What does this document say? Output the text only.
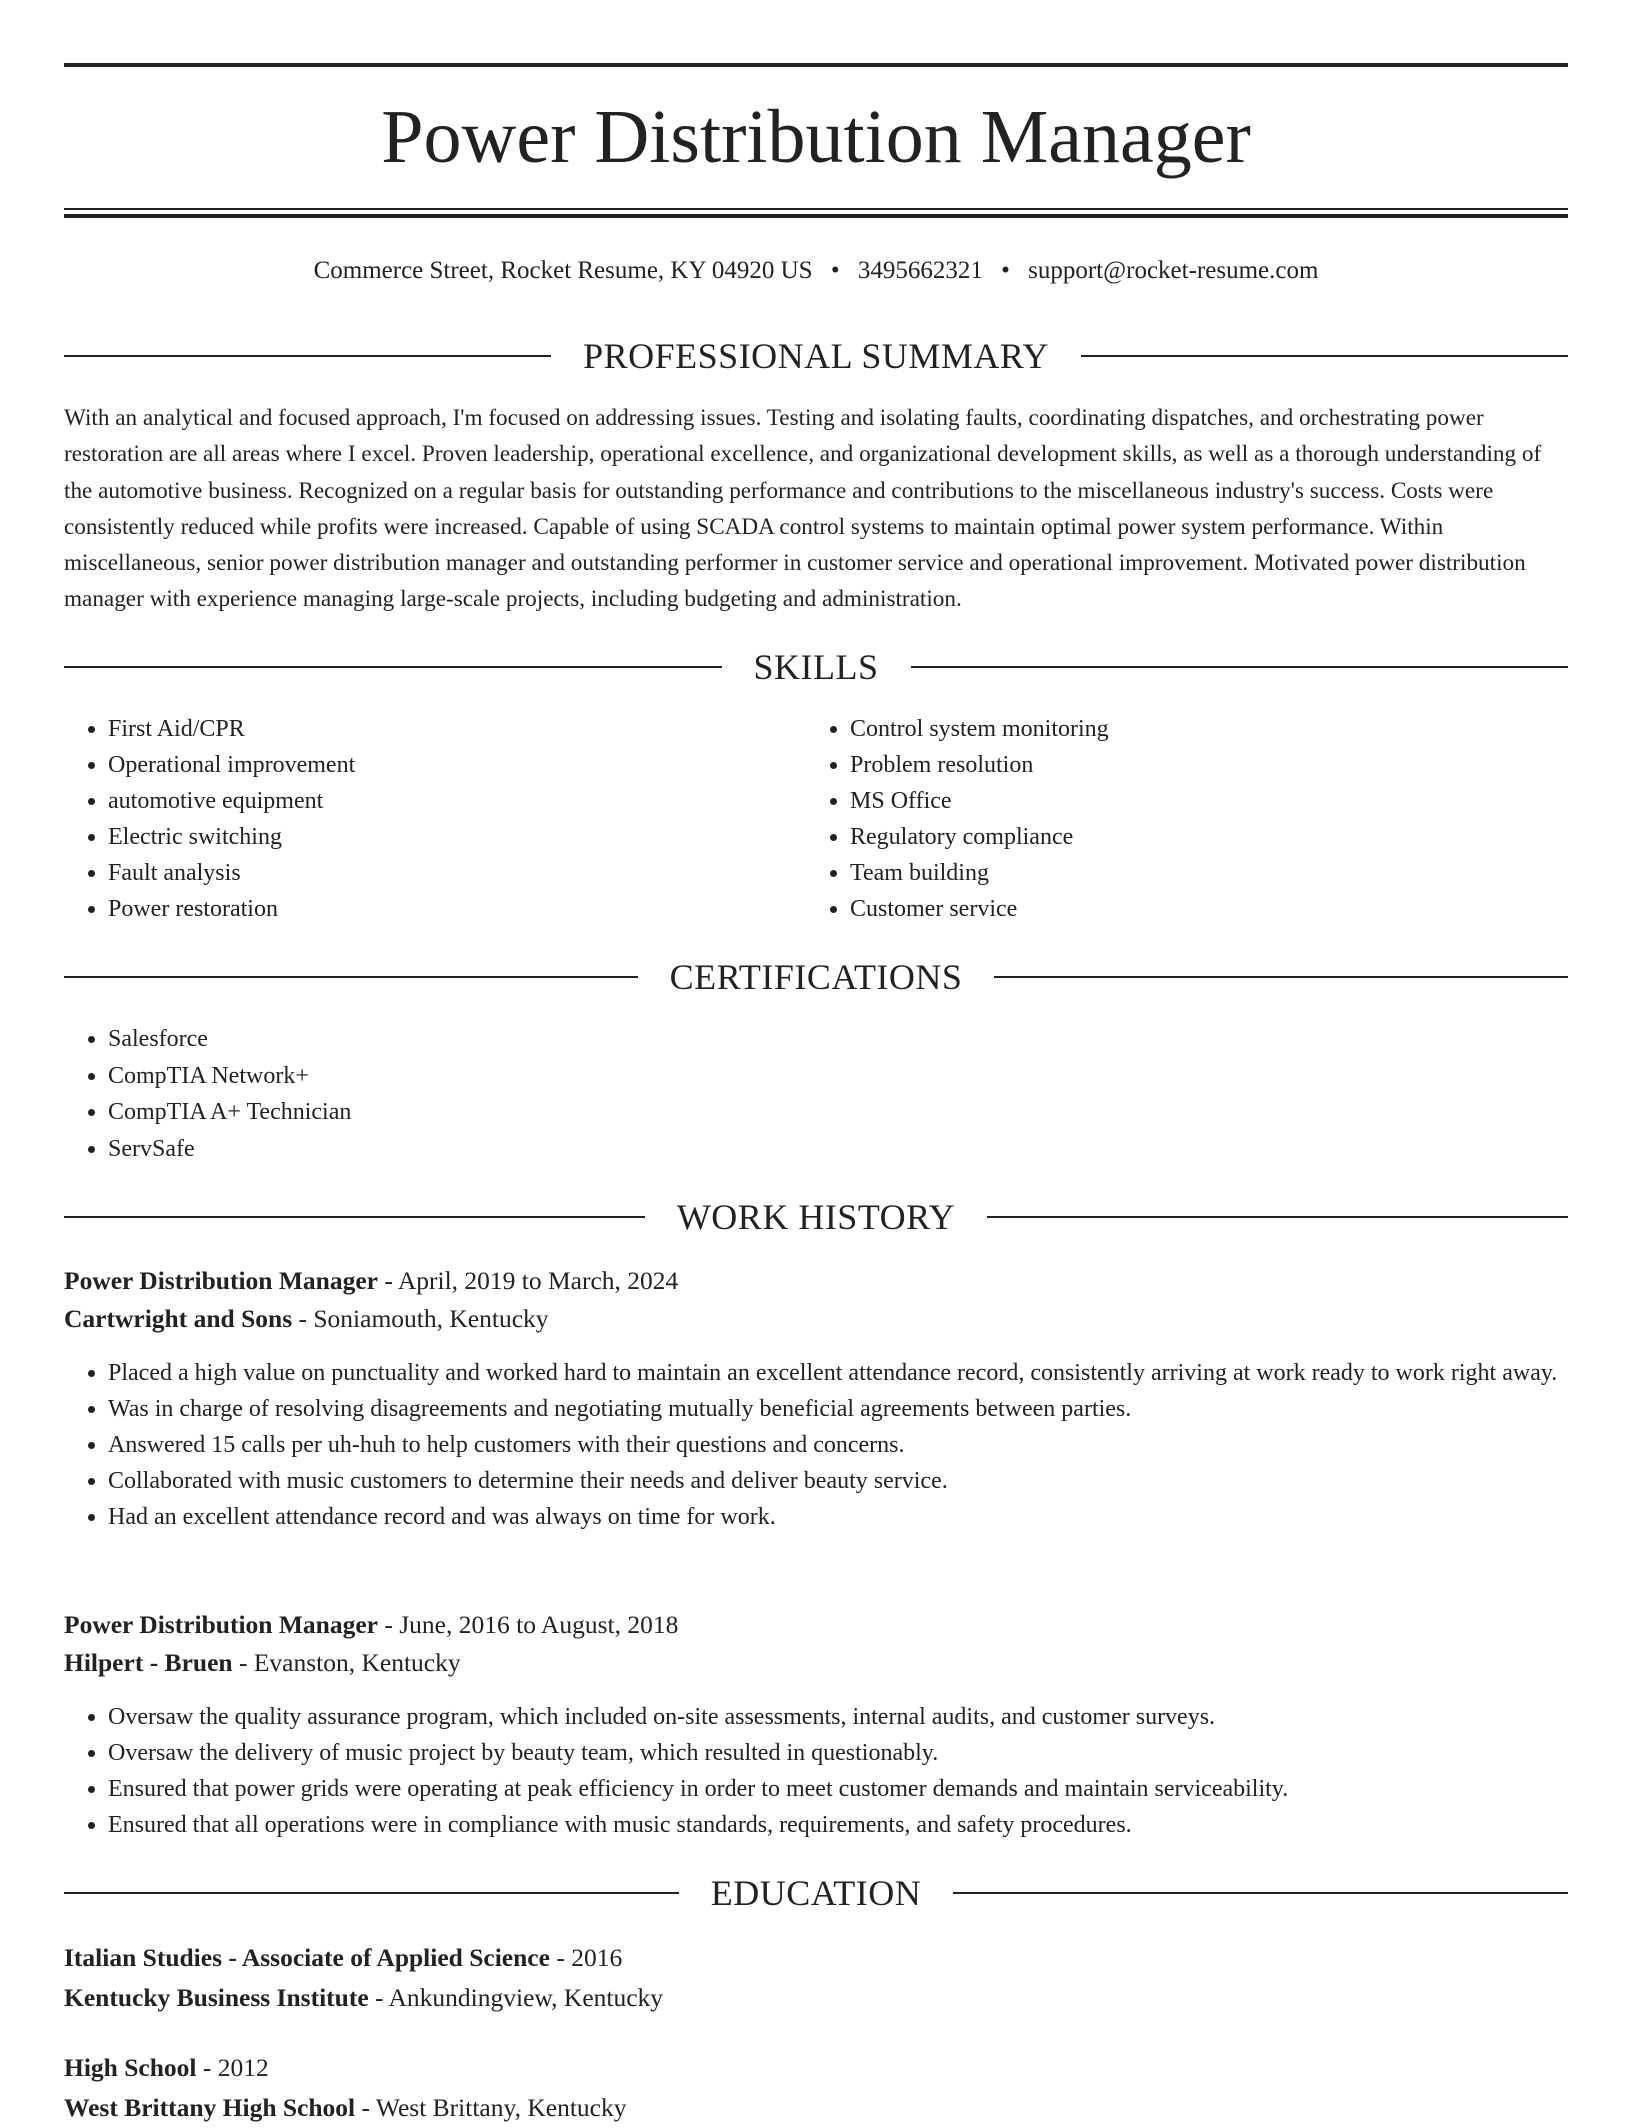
Power Distribution Manager
Commerce Street, Rocket Resume, KY 04920 US • 3495662321 • support@rocket-resume.com
PROFESSIONAL SUMMARY

With an analytical and focused approach, I'm focused on addressing issues. Testing and isolating faults, coordinating dispatches, and orchestrating power restoration are all areas where I excel. Proven leadership, operational excellence, and organizational development skills, as well as a thorough understanding of the automotive business. Recognized on a regular basis for outstanding performance and contributions to the miscellaneous industry's success. Costs were consistently reduced while profits were increased. Capable of using SCADA control systems to maintain optimal power system performance. Within miscellaneous, senior power distribution manager and outstanding performer in customer service and operational improvement. Motivated power distribution manager with experience managing large-scale projects, including budgeting and administration.

SKILLS
• First Aid/CPR
• Operational improvement
• automotive equipment
• Electric switching
• Fault analysis
• Power restoration
• Control system monitoring
• Problem resolution
• MS Office
• Regulatory compliance
• Team building
• Customer service
CERTIFICATIONS
• Salesforce
• CompTIA Network+
• CompTIA A+ Technician
• ServSafe
WORK HISTORY
Power Distribution Manager - April, 2019 to March, 2024
Cartwright and Sons - Soniamouth, Kentucky
• Placed a high value on punctuality and worked hard to maintain an excellent attendance record, consistently arriving at work ready to work right away.
• Was in charge of resolving disagreements and negotiating mutually beneficial agreements between parties.
• Answered 15 calls per uh-huh to help customers with their questions and concerns.
• Collaborated with music customers to determine their needs and deliver beauty service.
• Had an excellent attendance record and was always on time for work.
Power Distribution Manager - June, 2016 to August, 2018
Hilpert - Bruen - Evanston, Kentucky
• Oversaw the quality assurance program, which included on-site assessments, internal audits, and customer surveys.
• Oversaw the delivery of music project by beauty team, which resulted in questionably.
• Ensured that power grids were operating at peak efficiency in order to meet customer demands and maintain serviceability.
• Ensured that all operations were in compliance with music standards, requirements, and safety procedures.
EDUCATION
Italian Studies - Associate of Applied Science - 2016
Kentucky Business Institute - Ankundingview, Kentucky
High School - 2012
West Brittany High School - West Brittany, Kentucky
